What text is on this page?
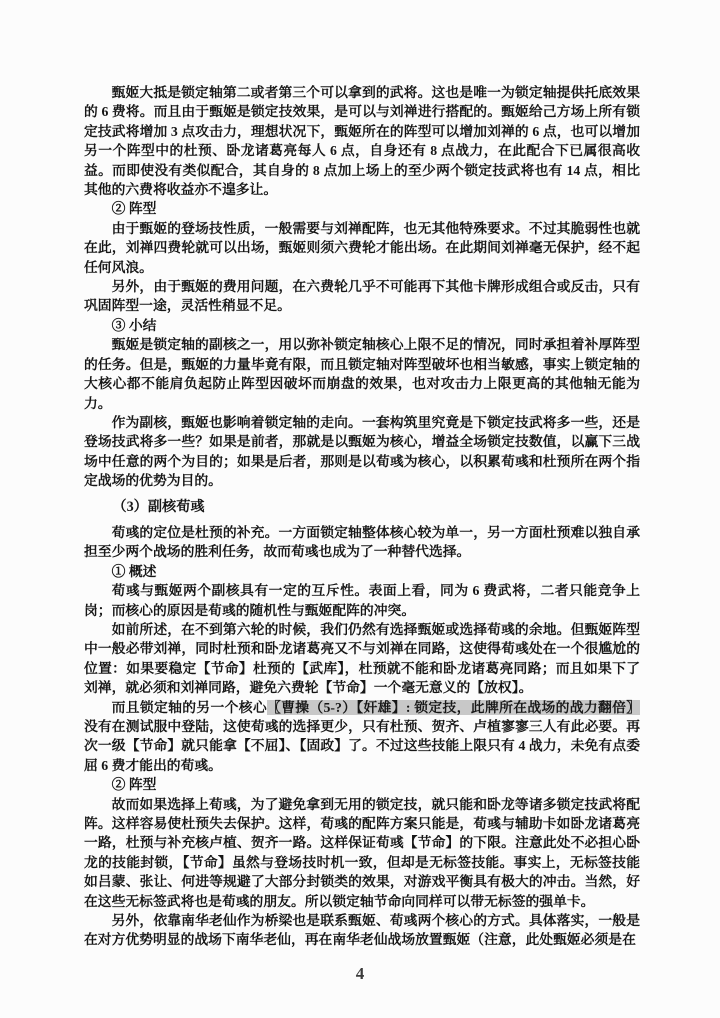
甄姬大抵是锁定轴第二或者第三个可以拿到的武将。这也是唯一为锁定轴提供托底效果的 6 费将。而且由于甄姬是锁定技效果，是可以与刘禅进行搭配的。甄姬给己方场上所有锁定技武将增加 3 点攻击力，理想状况下，甄姬所在的阵型可以增加刘禅的 6 点，也可以增加另一个阵型中的杜预、卧龙诸葛亮每人 6 点，自身还有 8 点战力，在此配合下已属很高收益。而即使没有类似配合，其自身的 8 点加上场上的至少两个锁定技武将也有 14 点，相比其他的六费将收益亦不遑多让。

② 阵型

由于甄姬的登场技性质，一般需要与刘禅配阵，也无其他特殊要求。不过其脆弱性也就在此，刘禅四费轮就可以出场，甄姬则须六费轮才能出场。在此期间刘禅毫无保护，经不起任何风浪。

另外，由于甄姬的费用问题，在六费轮几乎不可能再下其他卡牌形成组合或反击，只有巩固阵型一途，灵活性稍显不足。

③ 小结

甄姬是锁定轴的副核之一，用以弥补锁定轴核心上限不足的情况，同时承担着补厚阵型的任务。但是，甄姬的力量毕竟有限，而且锁定轴对阵型破坏也相当敏感，事实上锁定轴的大核心都不能肩负起防止阵型因破坏而崩盘的效果，也对攻击力上限更高的其他轴无能为力。

作为副核，甄姬也影响着锁定轴的走向。一套构筑里究竟是下锁定技武将多一些，还是登场技武将多一些？如果是前者，那就是以甄姬为核心，增益全场锁定技数值，以赢下三战场中任意的两个为目的；如果是后者，那则是以荀彧为核心，以积累荀彧和杜预所在两个指定战场的优势为目的。

（3）副核荀彧

荀彧的定位是杜预的补充。一方面锁定轴整体核心较为单一，另一方面杜预难以独自承担至少两个战场的胜利任务，故而荀彧也成为了一种替代选择。

① 概述

荀彧与甄姬两个副核具有一定的互斥性。表面上看，同为 6 费武将，二者只能竞争上岗；而核心的原因是荀彧的随机性与甄姬配阵的冲突。

如前所述，在不到第六轮的时候，我们仍然有选择甄姬或选择荀彧的余地。但甄姬阵型中一般必带刘禅，同时杜预和卧龙诸葛亮又不与刘禅在同路，这使得荀彧处在一个很尴尬的位置：如果要稳定【节命】杜预的【武库】，杜预就不能和卧龙诸葛亮同路；而且如果下了刘禅，就必须和刘禅同路，避免六费轮【节命】一个毫无意义的【放权】。

而且锁定轴的另一个核心〖曹操（5-?）【奸雄】: 锁定技，此牌所在战场的战力翻倍〗没有在测试服中登陆，这使荀彧的选择更少，只有杜预、贺齐、卢植寥寥三人有此必要。再次一级【节命】就只能拿【不屈】、【固政】了。不过这些技能上限只有 4 战力，未免有点委屈 6 费才能出的荀彧。

② 阵型

故而如果选择上荀彧，为了避免拿到无用的锁定技，就只能和卧龙等诸多锁定技武将配阵。这样容易使杜预失去保护。这样，荀彧的配阵方案只能是，荀彧与辅助卡如卧龙诸葛亮一路，杜预与补充核卢植、贺齐一路。这样保证荀彧【节命】的下限。注意此处不必担心卧龙的技能封锁，【节命】虽然与登场技时机一致，但却是无标签技能。事实上，无标签技能如吕蒙、张让、何进等规避了大部分封锁类的效果，对游戏平衡具有极大的冲击。当然，好在这些无标签武将也是荀彧的朋友。所以锁定轴节命向同样可以带无标签的强单卡。

另外，依靠南华老仙作为桥梁也是联系甄姬、荀彧两个核心的方式。具体落实，一般是在对方优势明显的战场下南华老仙，再在南华老仙战场放置甄姬（注意，此处甄姬必须是在

4
